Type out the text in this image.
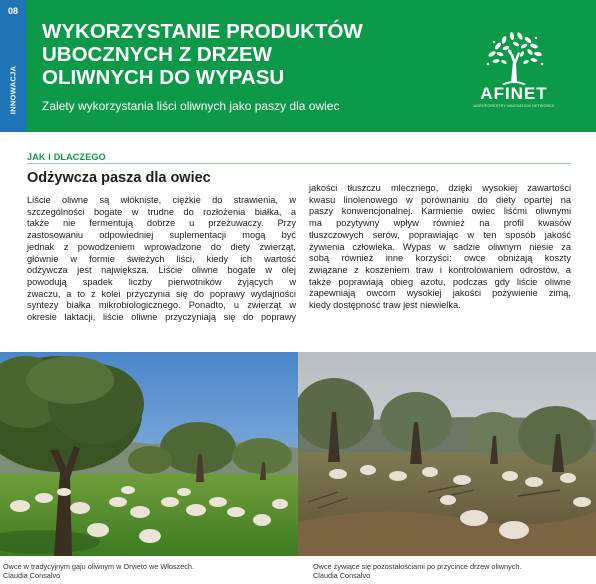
08
INNOWACJA
WYKORZYSTANIE PRODUKTÓW
UBOCZNYCH Z DRZEW
OLIWNYCH DO WYPASU
Zalety wykorzystania liści oliwnych jako paszy dla owiec
AFINET
AGROFORESTRY INNOVATION NETWORKS
JAK I DLACZEGO
Odżywcza pasza dla owiec
Liście oliwne są włókniste, ciężkie do strawienia, w
szczególności bogate w trudne do rozłożenia białka, a
także nie fermentują dobrze u przeżuwaczy. Przy
zastosowaniu odpowiedniej suplementacji mogą być
jednak z powodzeniem wprowadzone do diety zwierząt,
głównie w formie świeżych liści, kiedy ich wartość
odżywcza jest największa. Liście oliwne bogate w olej
powodują spadek liczby pierwotników żyjących w
żwaczu, a to z kolei przyczynia się do poprawy wydajności
syntezy białka mikrobiologicznego. Ponadto, u zwierząt w
okresie laktacji, liście oliwne przyczyniają się do poprawy
jakości tłuszczu mlecznego, dzięki wysokiej zawartości
kwasu linolenowego w porównaniu do diety opartej na
paszy konwencjonalnej. Karmienie owiec liśćmi oliwnymi
ma pozytywny wpływ również na profil kwasów
tłuszczowych serów, poprawiając w ten sposób jakość
żywienia człowieka. Wypas w sadzie oliwnym niesie za
sobą również inne korzyści: owce obniżają koszty
związane z koszeniem traw i kontrolowaniem odrostów, a
także poprawiają obieg azotu, podczas gdy liście oliwne
zapewniają owcom wysokiej jakości pożywienie zimą,
kiedy dostępność traw jest niewielka.
Owce w tradycyjnym gaju oliwnym w Orvieto we Włoszech.
Claudia Consalvo
Owce żywiące się pozostałościami po przycince drzew oliwnych.
Claudia Consalvo
